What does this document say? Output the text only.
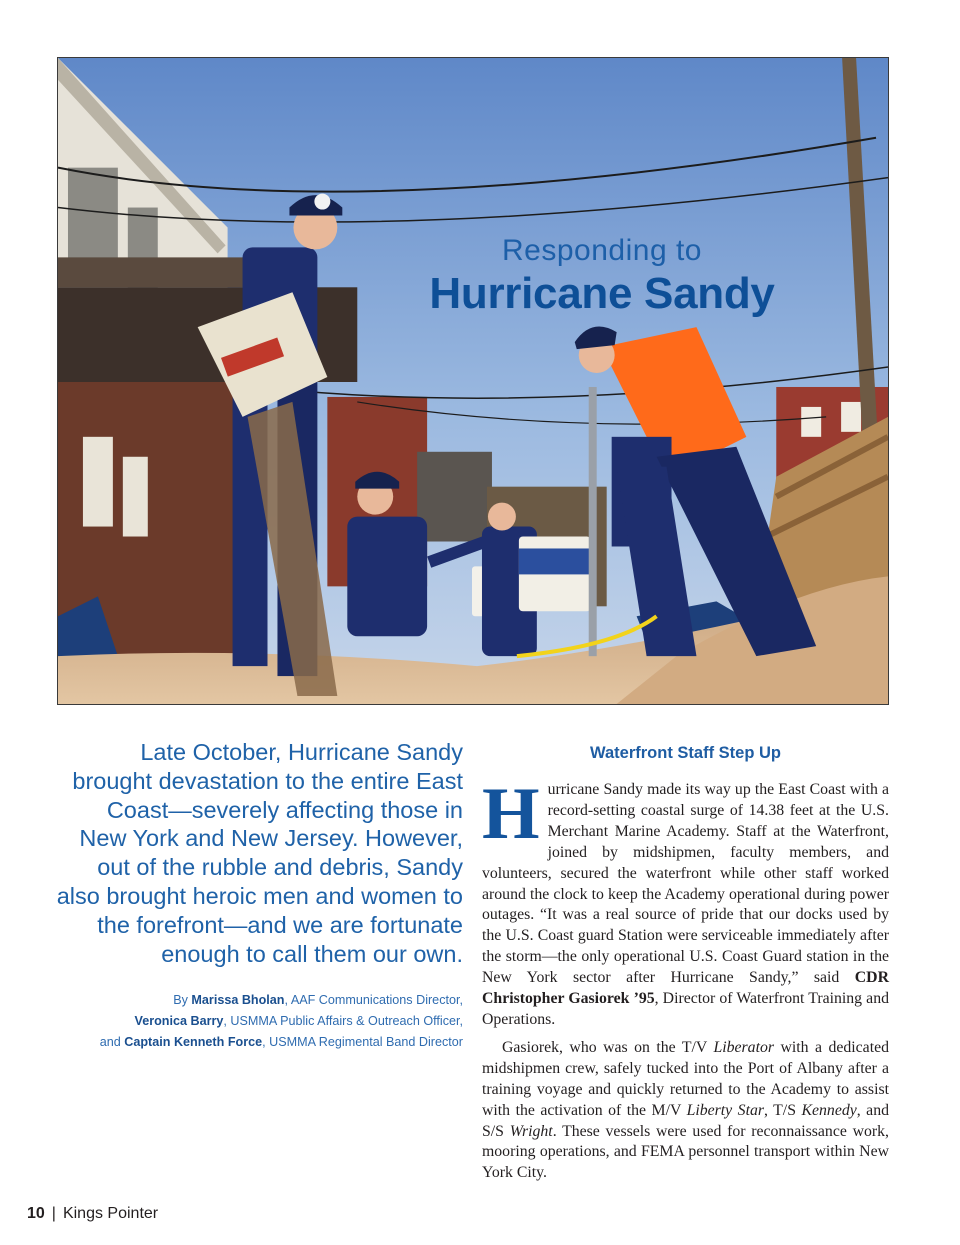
Responding to
Hurricane Sandy

Late October, Hurricane Sandy brought devastation to the entire East Coast—severely affecting those in New York and New Jersey. However, out of the rubble and debris, Sandy also brought heroic men and women to the forefront—and we are fortunate enough to call them our own.

By Marissa Bholan, AAF Communications Director,
Veronica Barry, USMMA Public Affairs & Outreach Officer,
and Captain Kenneth Force, USMMA Regimental Band Director

Waterfront Staff Step Up

Hurricane Sandy made its way up the East Coast with a record-setting coastal surge of 14.38 feet at the U.S. Merchant Marine Academy. Staff at the Waterfront, joined by midshipmen, faculty members, and volunteers, secured the waterfront while other staff worked around the clock to keep the Academy operational during power outages. “It was a real source of pride that our docks used by the U.S. Coast guard Station were serviceable immediately after the storm—the only operational U.S. Coast Guard station in the New York sector after Hurricane Sandy,” said CDR Christopher Gasiorek ’95, Director of Waterfront Training and Operations.

Gasiorek, who was on the T/V Liberator with a dedicated midshipmen crew, safely tucked into the Port of Albany after a training voyage and quickly returned to the Academy to assist with the activation of the M/V Liberty Star, T/S Kennedy, and S/S Wright. These vessels were used for reconnaissance work, mooring operations, and FEMA personnel transport within New York City.

10 | Kings Pointer
